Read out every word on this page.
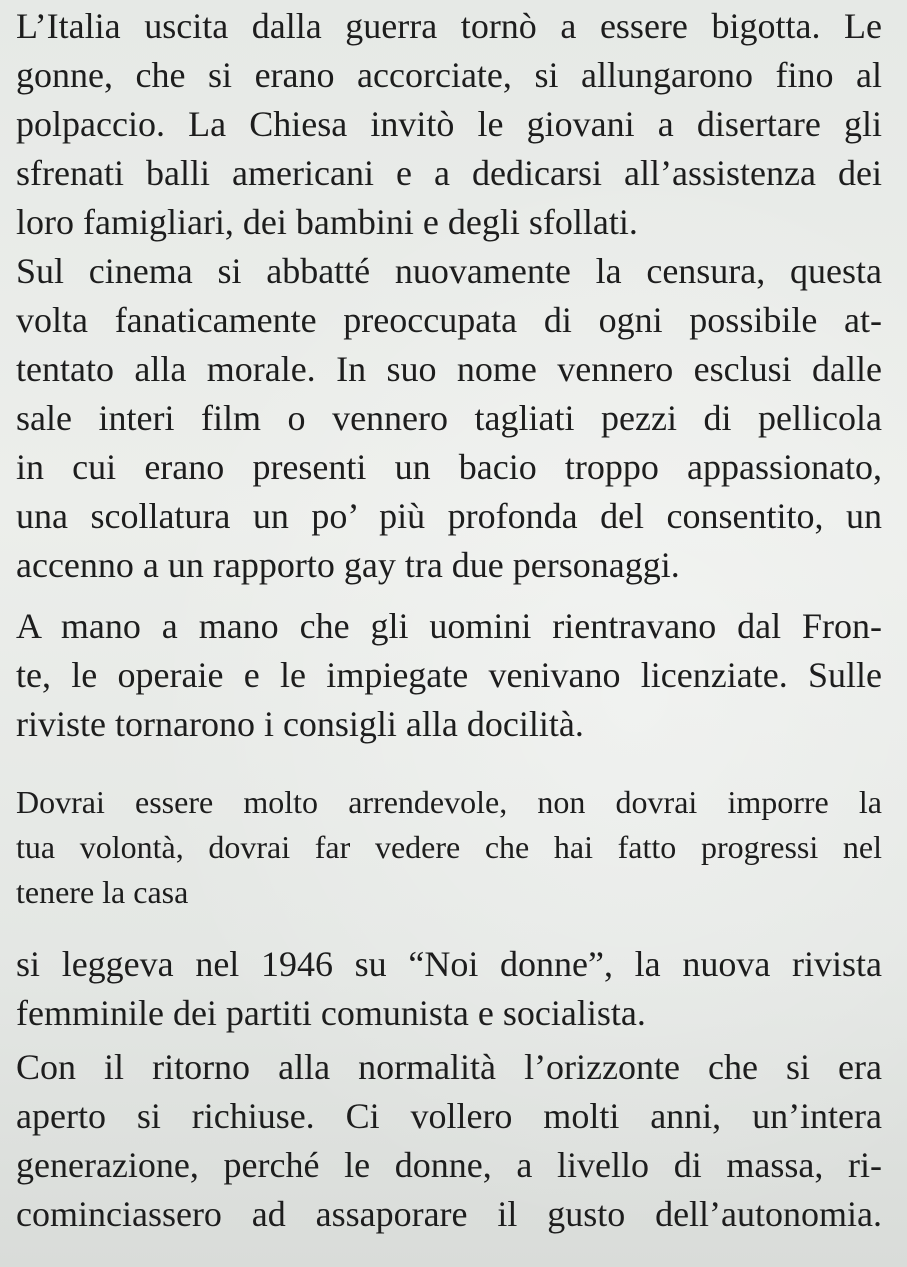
L’Italia uscita dalla guerra tornò a essere bigotta. Le
gonne, che si erano accorciate, si allungarono fino al
polpaccio. La Chiesa invitò le giovani a disertare gli
sfrenati balli americani e a dedicarsi all’assistenza dei
loro famigliari, dei bambini e degli sfollati.

Sul cinema si abbatté nuovamente la censura, questa
volta fanaticamente preoccupata di ogni possibile at-
tentato alla morale. In suo nome vennero esclusi dalle
sale interi film o vennero tagliati pezzi di pellicola
in cui erano presenti un bacio troppo appassionato,
una scollatura un po’ più profonda del consentito, un
accenno a un rapporto gay tra due personaggi.

A mano a mano che gli uomini rientravano dal Fron-
te, le operaie e le impiegate venivano licenziate. Sulle
riviste tornarono i consigli alla docilità.

Dovrai essere molto arrendevole, non dovrai imporre la
tua volontà, dovrai far vedere che hai fatto progressi nel
tenere la casa

si leggeva nel 1946 su “Noi donne”, la nuova rivista
femminile dei partiti comunista e socialista.

Con il ritorno alla normalità l’orizzonte che si era
aperto si richiuse. Ci vollero molti anni, un’intera
generazione, perché le donne, a livello di massa, ri-
cominciassero ad assaporare il gusto dell’autonomia.
